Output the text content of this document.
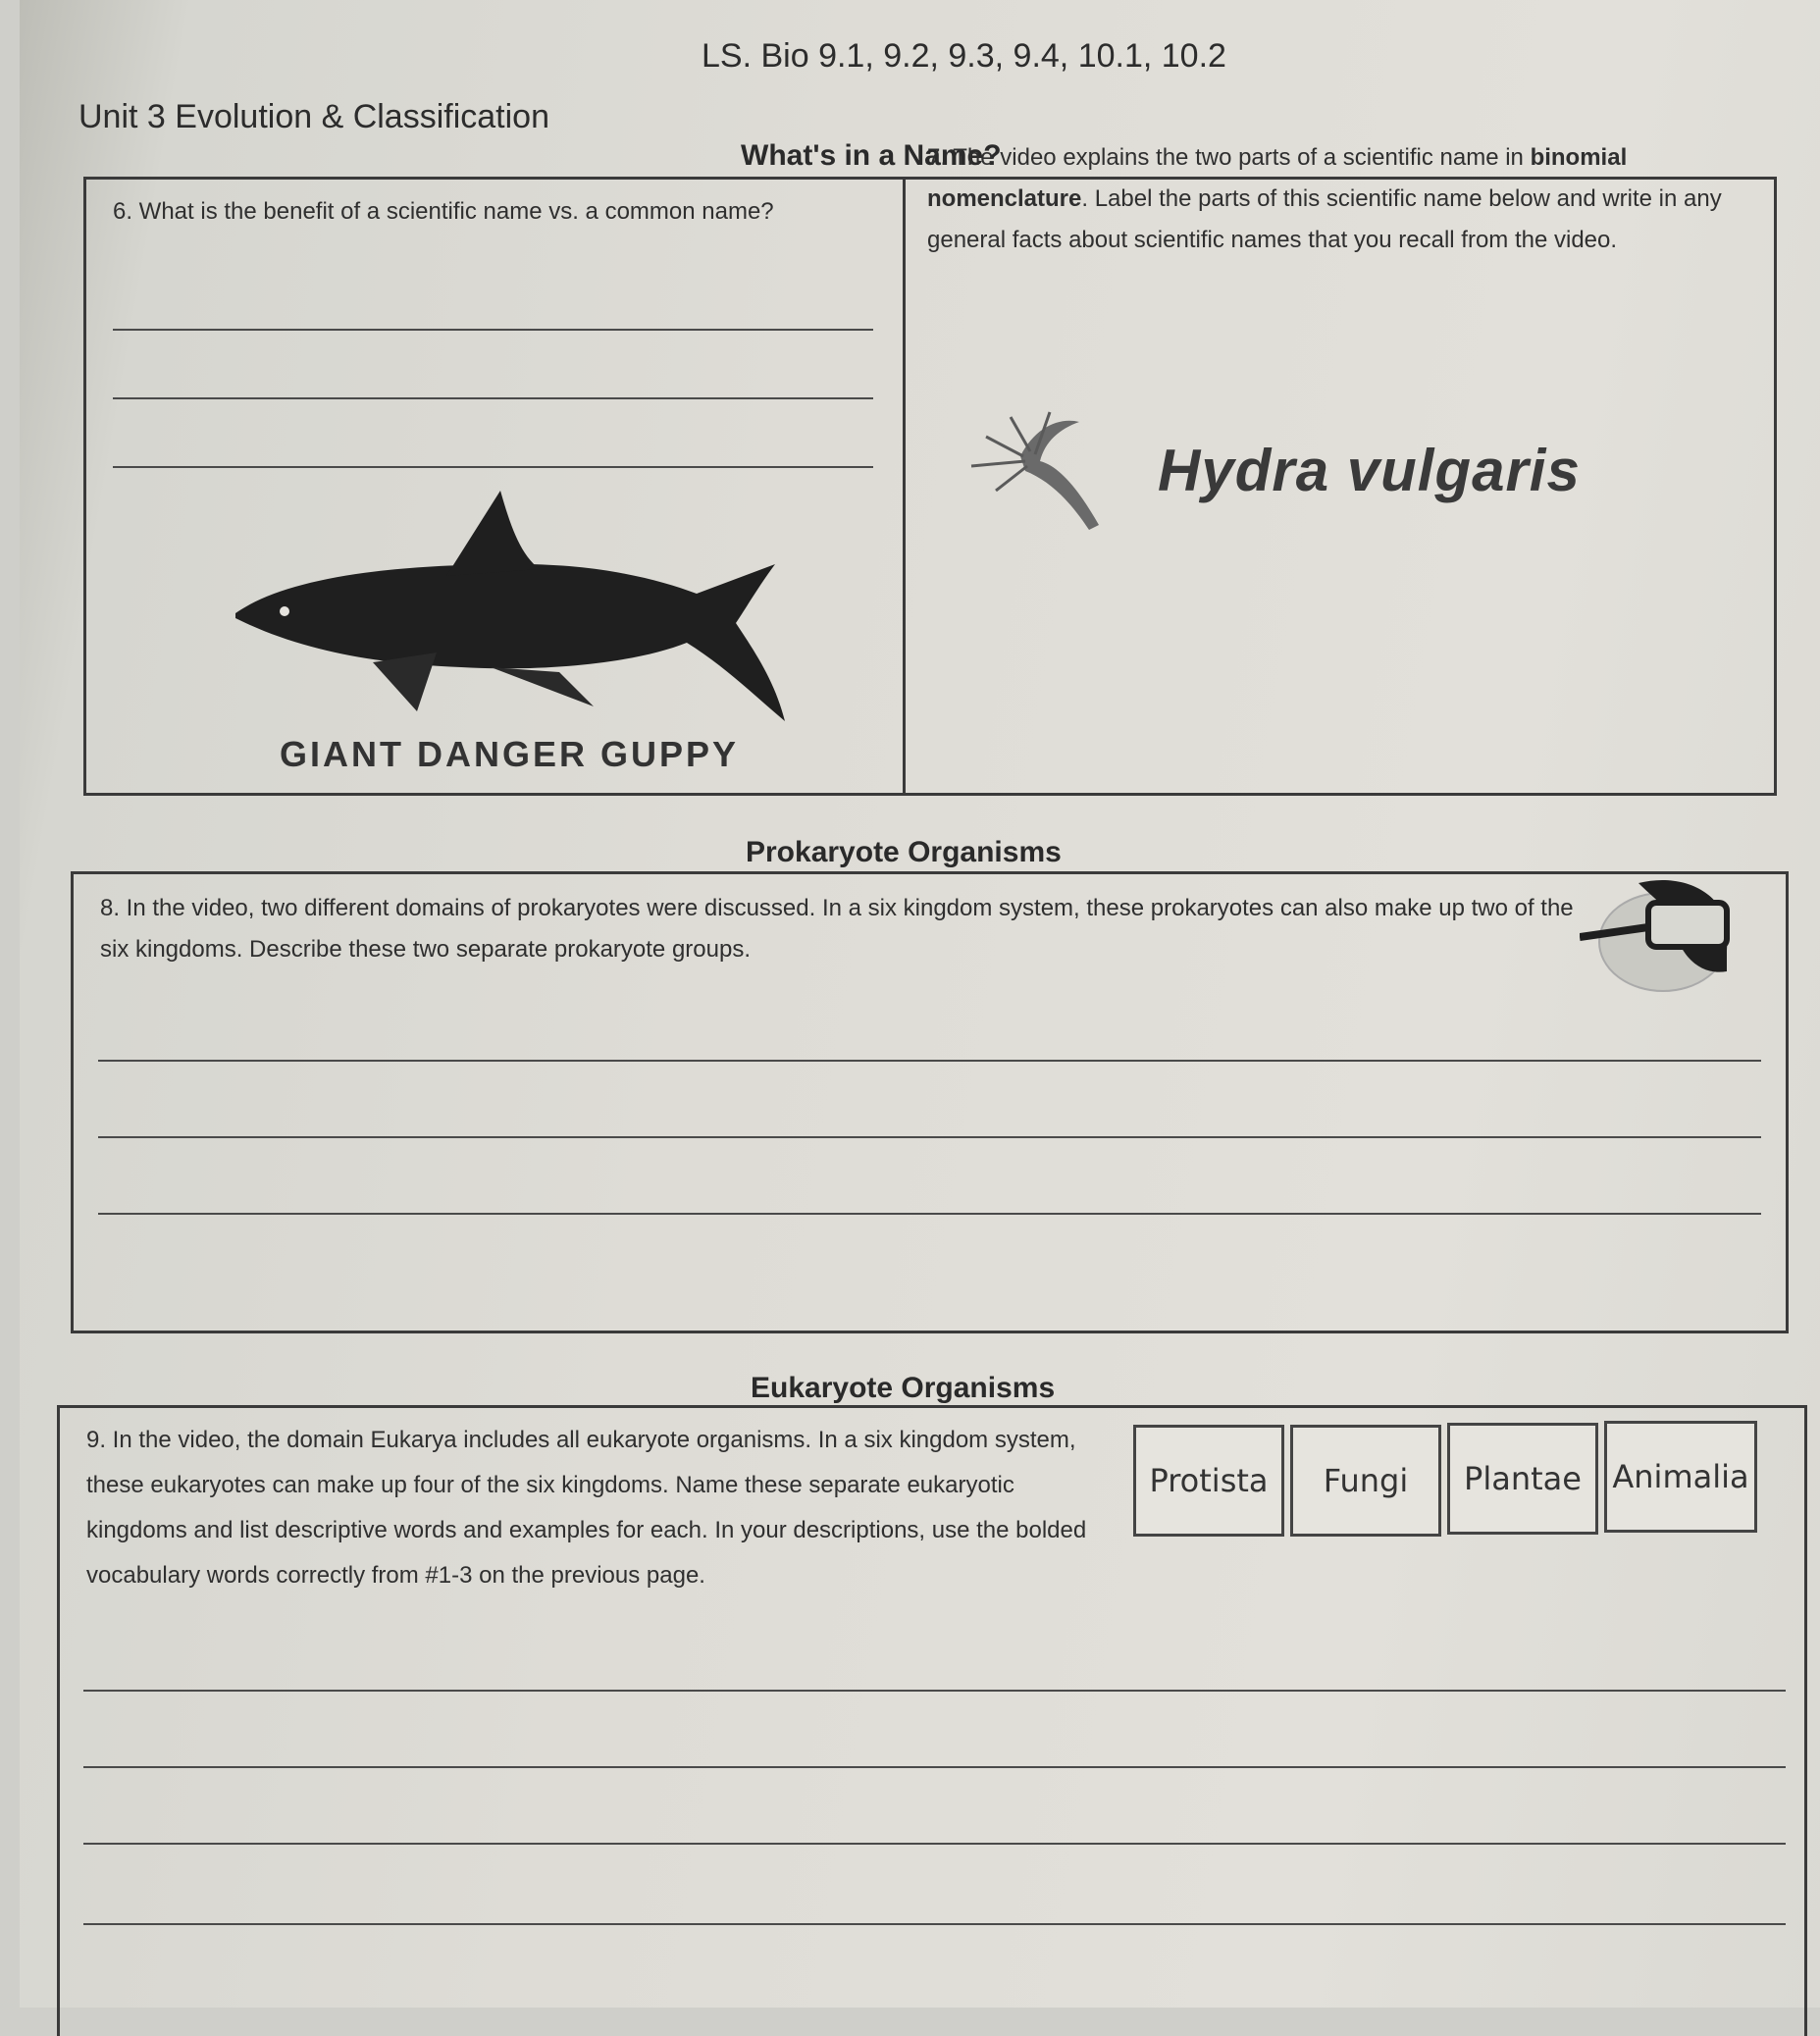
Unit 3 Evolution & Classification
LS. Bio 9.1, 9.2, 9.3, 9.4, 10.1, 10.2
What's in a Name?
6. What is the benefit of a scientific name vs. a common name?
GIANT DANGER GUPPY
7. The video explains the two parts of a scientific name in binomial nomenclature. Label the parts of this scientific name below and write in any general facts about scientific names that you recall from the video.
Hydra vulgaris
Prokaryote Organisms
8. In the video, two different domains of prokaryotes were discussed. In a six kingdom system, these prokaryotes can also make up two of the six kingdoms. Describe these two separate prokaryote groups.
Eukaryote Organisms
9. In the video, the domain Eukarya includes all eukaryote organisms. In a six kingdom system, these eukaryotes can make up four of the six kingdoms. Name these separate eukaryotic kingdoms and list descriptive words and examples for each. In your descriptions, use the bolded vocabulary words correctly from #1-3 on the previous page.
Protista	Fungi	Plantae Animalia
